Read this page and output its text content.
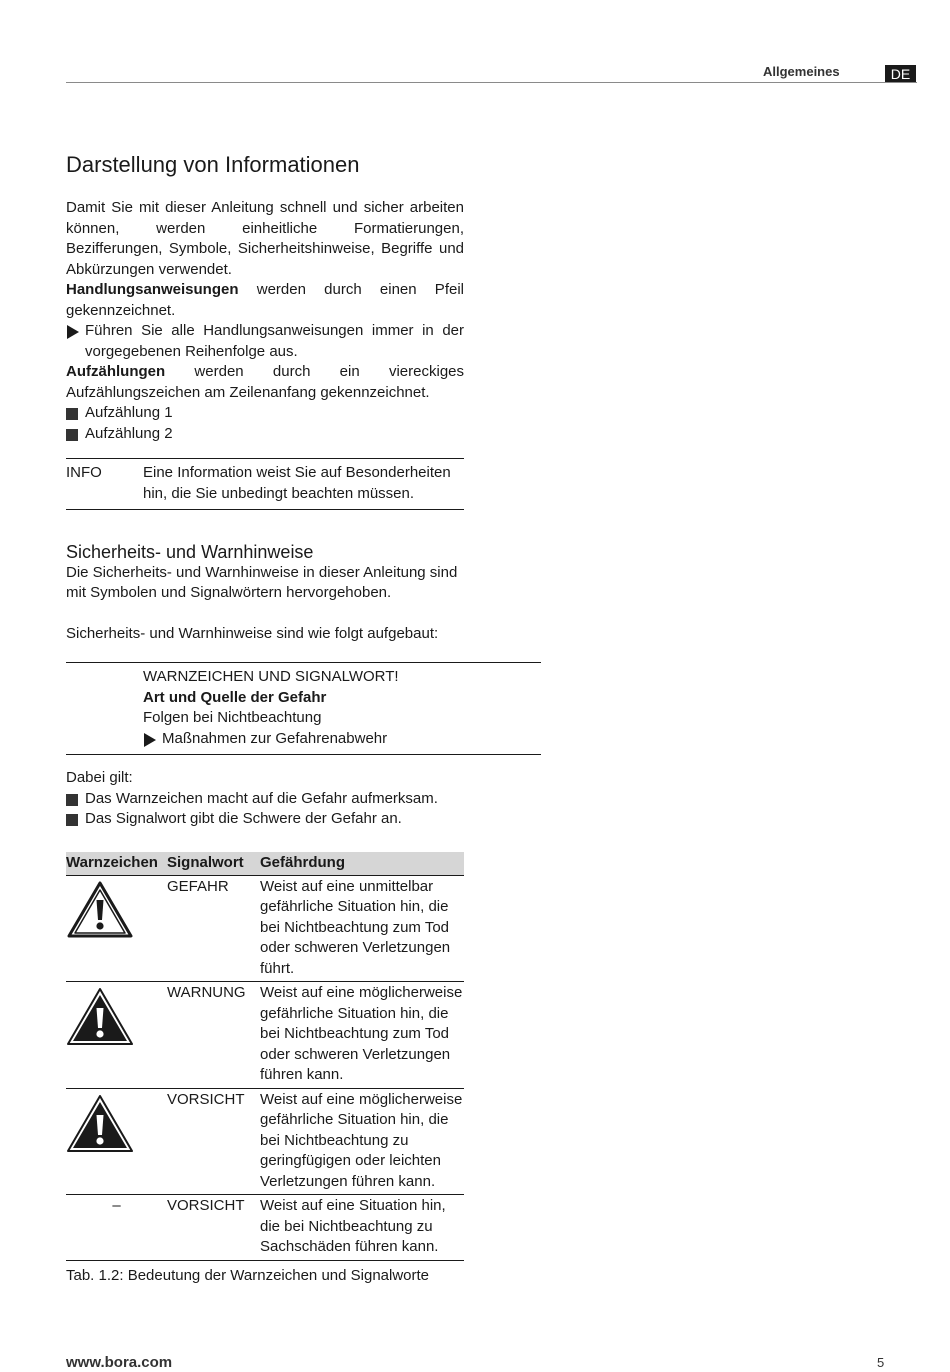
Allgemeines	DE
Darstellung von Informationen

Damit Sie mit dieser Anleitung schnell und sicher arbeiten können, werden einheitliche Formatierungen, Bezifferungen, Symbole, Sicherheitshinweise, Begriffe und Abkürzungen verwendet.

Handlungsanweisungen werden durch einen Pfeil gekennzeichnet.

Führen Sie alle Handlungsanweisungen immer in der vorgegebenen Reihenfolge aus.

Aufzählungen werden durch ein viereckiges Aufzählungszeichen am Zeilenanfang gekennzeichnet.

Aufzählung 1
Aufzählung 2
INFO	Eine Information weist Sie auf Besonderheiten hin, die Sie unbedingt beachten müssen.
Sicherheits- und Warnhinweise

Die Sicherheits- und Warnhinweise in dieser Anleitung sind mit Symbolen und Signalwörtern hervorgehoben.

Sicherheits- und Warnhinweise sind wie folgt aufgebaut:

WARNZEICHEN UND SIGNALWORT!
Art und Quelle der Gefahr
Folgen bei Nichtbeachtung
Maßnahmen zur Gefahrenabwehr

Dabei gilt:

Das Warnzeichen macht auf die Gefahr aufmerksam.
Das Signalwort gibt die Schwere der Gefahr an.
Warnzeichen	Signalwort	Gefährdung

	GEFAHR	Weist auf eine unmittelbar gefährliche Situation hin, die bei Nichtbeachtung zum Tod oder schweren Verletzungen führt.

	WARNUNG	Weist auf eine möglicherweise gefährliche Situation hin, die bei Nichtbeachtung zum Tod oder schweren Verletzungen führen kann.

	VORSICHT	Weist auf eine möglicherweise gefährliche Situation hin, die bei Nichtbeachtung zu geringfügigen oder leichten Verletzungen führen kann.
–	VORSICHT	Weist auf eine Situation hin, die bei Nichtbeachtung zu Sachschäden führen kann.
Tab. 1.2: Bedeutung der Warnzeichen und Signalworte
www.bora.com	5
